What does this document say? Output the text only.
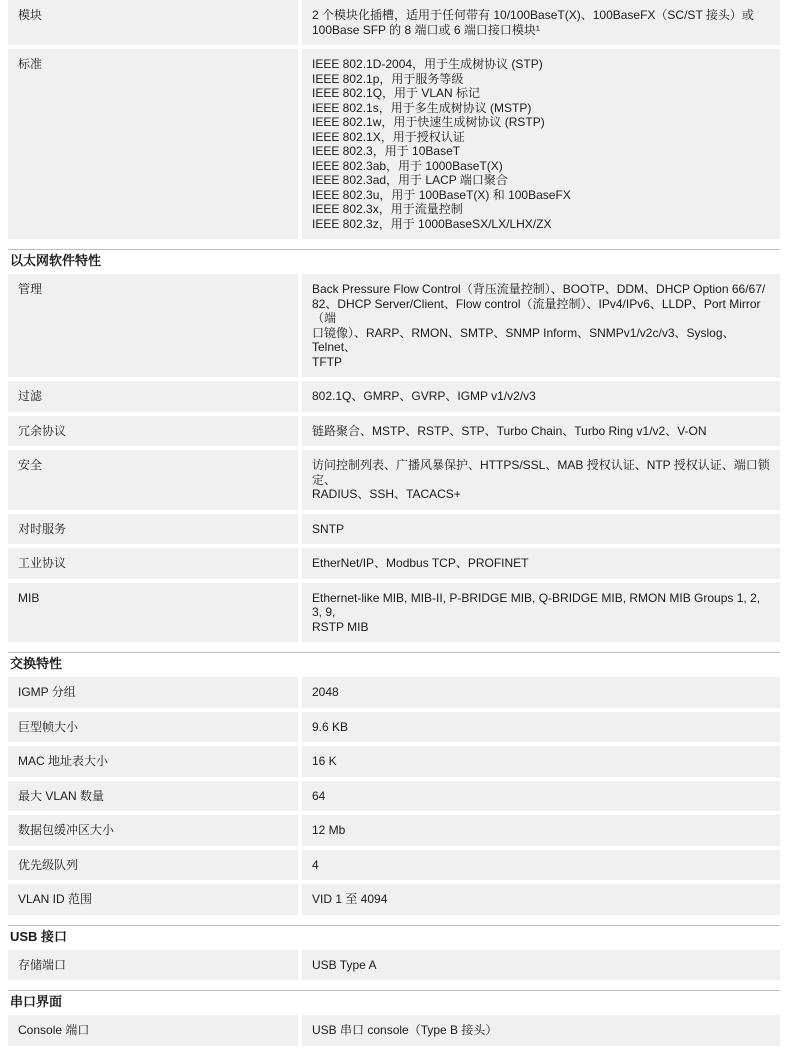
模块	2 个模块化插槽，适用于任何带有 10/100BaseT(X)、100BaseFX（SC/ST 接头）或
100Base SFP 的 8 端口或 6 端口接口模块¹
标准	IEEE 802.1D-2004，用于生成树协议 (STP)
IEEE 802.1p，用于服务等级
IEEE 802.1Q，用于 VLAN 标记
IEEE 802.1s，用于多生成树协议 (MSTP)
IEEE 802.1w，用于快速生成树协议 (RSTP)
IEEE 802.1X，用于授权认证
IEEE 802.3，用于 10BaseT
IEEE 802.3ab，用于 1000BaseT(X)
IEEE 802.3ad，用于 LACP 端口聚合
IEEE 802.3u，用于 100BaseT(X) 和 100BaseFX
IEEE 802.3x，用于流量控制
IEEE 802.3z，用于 1000BaseSX/LX/LHX/ZX
以太网软件特性
管理	Back Pressure Flow Control（背压流量控制）、BOOTP、DDM、DHCP Option 66/67/
82、DHCP Server/Client、Flow control（流量控制）、IPv4/IPv6、LLDP、Port Mirror（端
口镜像）、RARP、RMON、SMTP、SNMP Inform、SNMPv1/v2c/v3、Syslog、Telnet、
TFTP
过滤	802.1Q、GMRP、GVRP、IGMP v1/v2/v3
冗余协议	链路聚合、MSTP、RSTP、STP、Turbo Chain、Turbo Ring v1/v2、V-ON
安全	访问控制列表、广播风暴保护、HTTPS/SSL、MAB 授权认证、NTP 授权认证、端口锁定、
RADIUS、SSH、TACACS+
对时服务	SNTP
工业协议	EtherNet/IP、Modbus TCP、PROFINET
MIB	Ethernet-like MIB, MIB-II, P-BRIDGE MIB, Q-BRIDGE MIB, RMON MIB Groups 1, 2, 3, 9,
RSTP MIB
交换特性
IGMP 分组	2048
巨型帧大小	9.6 KB
MAC 地址表大小	16 K
最大 VLAN 数量	64
数据包缓冲区大小	12 Mb
优先级队列	4
VLAN ID 范围	VID 1 至 4094
USB 接口
存储端口	USB Type A
串口界面
Console 端口	USB 串口 console（Type B 接头）
